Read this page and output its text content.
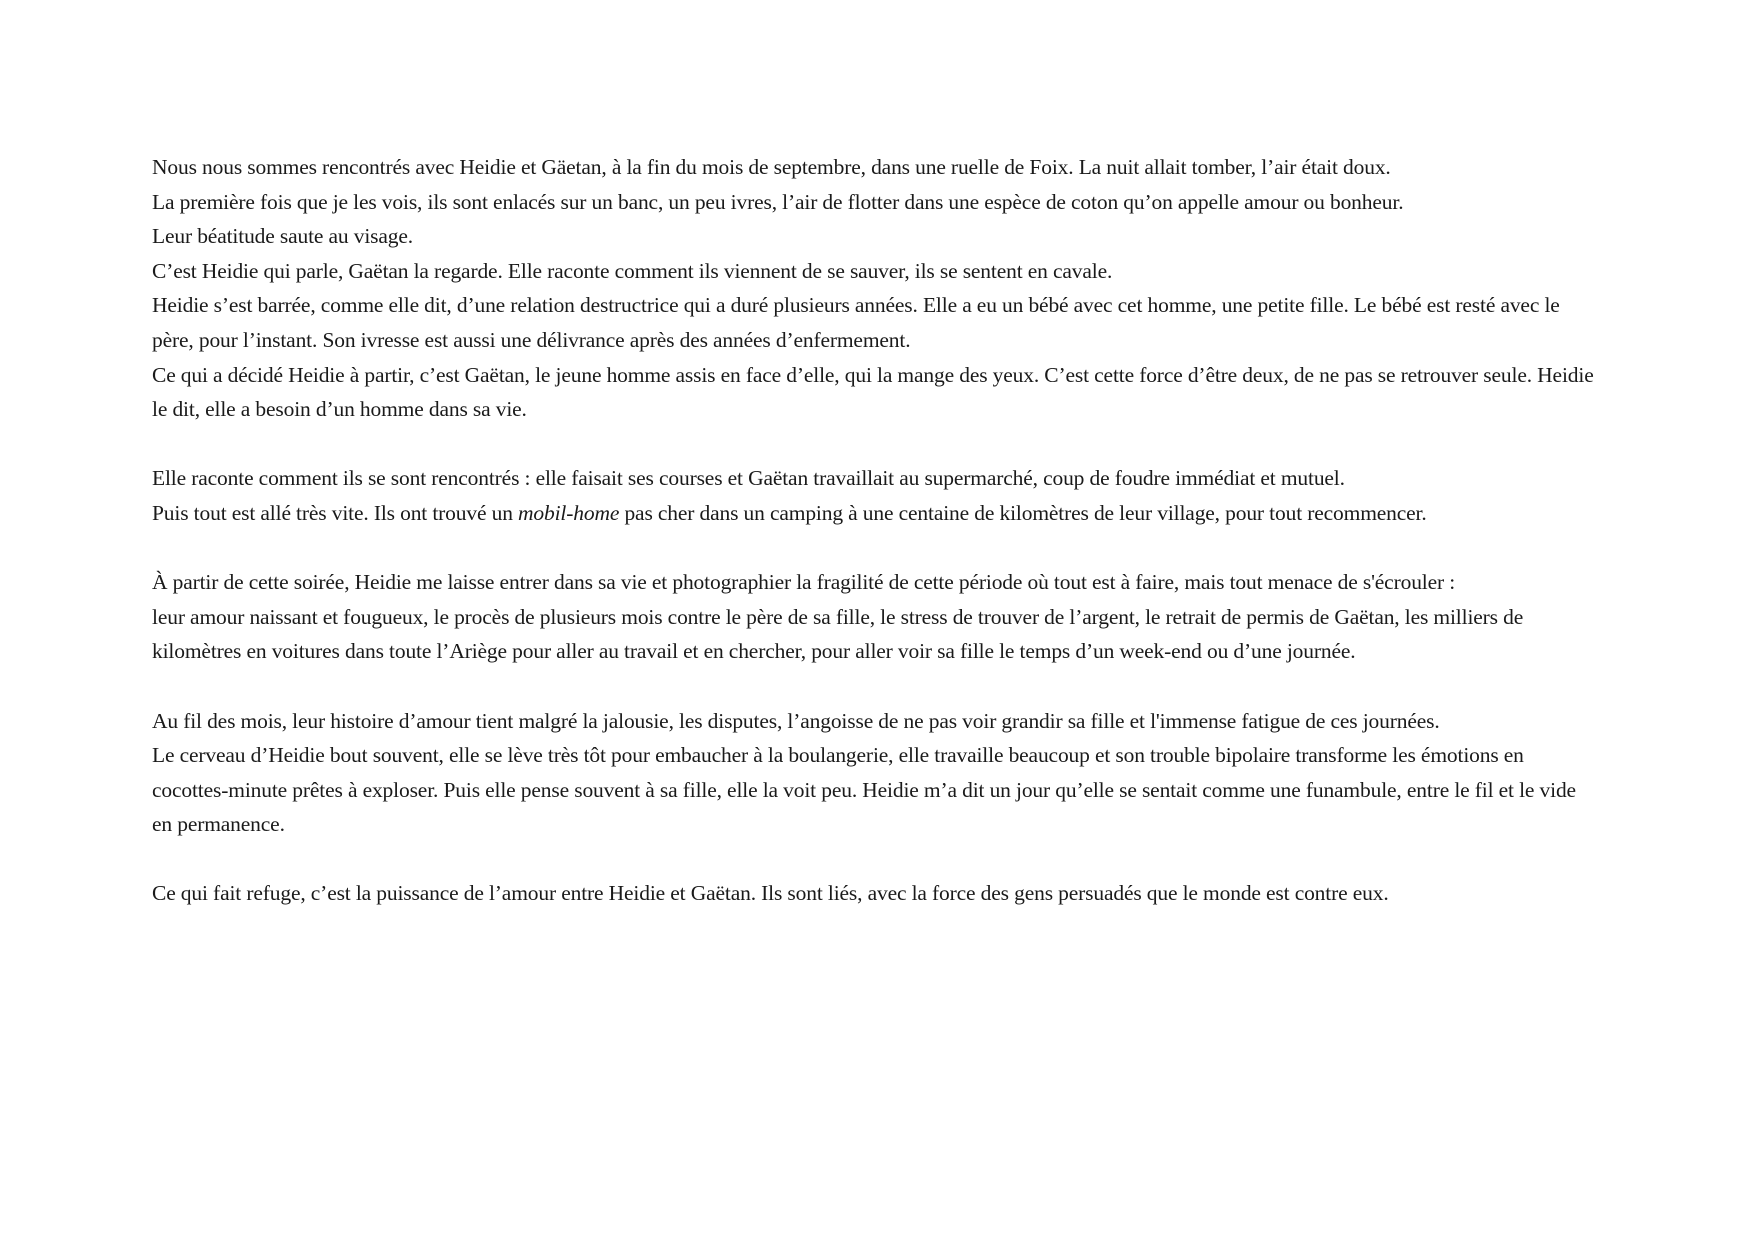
Nous nous sommes rencontrés avec Heidie et Gäetan, à la fin du mois de septembre, dans une ruelle de Foix. La nuit allait tomber, l’air était doux.
La première fois que je les vois, ils sont enlacés sur un banc, un peu ivres, l’air de flotter dans une espèce de coton qu’on appelle amour ou bonheur.
Leur béatitude saute au visage.
C’est Heidie qui parle, Gaëtan la regarde. Elle raconte comment ils viennent de se sauver, ils se sentent en cavale.
Heidie s’est barrée, comme elle dit, d’une relation destructrice qui a duré plusieurs années. Elle a eu un bébé avec cet homme, une petite fille. Le bébé est resté avec le
père, pour l’instant. Son ivresse est aussi une délivrance après des années d’enfermement.
Ce qui a décidé Heidie à partir, c’est Gaëtan, le jeune homme assis en face d’elle, qui la mange des yeux. C’est cette force d’être deux, de ne pas se retrouver seule. Heidie
le dit, elle a besoin d’un homme dans sa vie.
Elle raconte comment ils se sont rencontrés : elle faisait ses courses et Gaëtan travaillait au supermarché, coup de foudre immédiat et mutuel.
Puis tout est allé très vite. Ils ont trouvé un mobil-home pas cher dans un camping à une centaine de kilomètres de leur village, pour tout recommencer.
À partir de cette soirée, Heidie me laisse entrer dans sa vie et photographier la fragilité de cette période où tout est à faire, mais tout menace de s'écrouler :
leur amour naissant et fougueux, le procès de plusieurs mois contre le père de sa fille, le stress de trouver de l’argent, le retrait de permis de Gaëtan, les milliers de
kilomètres en voitures dans toute l’Ariège pour aller au travail et en chercher, pour aller voir sa fille le temps d’un week-end ou d’une journée.
Au fil des mois, leur histoire d’amour tient malgré la jalousie, les disputes, l’angoisse de ne pas voir grandir sa fille et l'immense fatigue de ces journées.
Le cerveau d’Heidie bout souvent, elle se lève très tôt pour embaucher à la boulangerie, elle travaille beaucoup et son trouble bipolaire transforme les émotions en
cocottes-minute prêtes à exploser. Puis elle pense souvent à sa fille, elle la voit peu. Heidie m’a dit un jour qu’elle se sentait comme une funambule, entre le fil et le vide
en permanence.
Ce qui fait refuge, c’est la puissance de l’amour entre Heidie et Gaëtan. Ils sont liés, avec la force des gens persuadés que le monde est contre eux.
